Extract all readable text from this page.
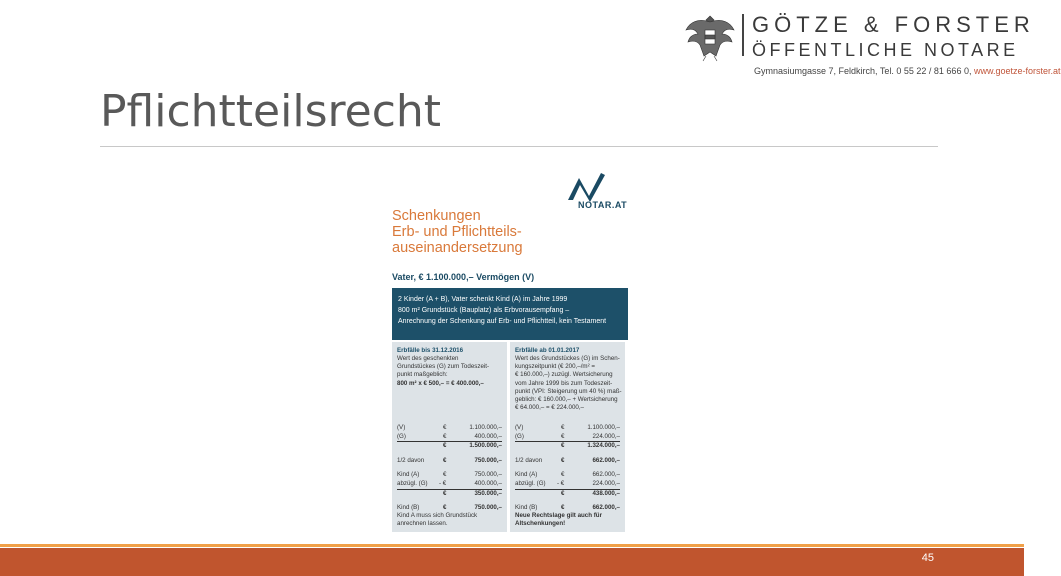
GÖTZE & FORSTER
ÖFFENTLICHE NOTARE
Gymnasiumgasse 7, Feldkirch, Tel. 0 55 22 / 81 666 0, www.goetze-forster.at
Pflichtteilsrecht
NOTAR.AT
Schenkungen
Erb- und Pflichtteils-
auseinandersetzung
Vater, € 1.100.000,– Vermögen (V)
2 Kinder (A + B), Vater schenkt Kind (A) im Jahre 1999
800 m² Grundstück (Bauplatz) als Erbvorausempfang –
Anrechnung der Schenkung auf Erb- und Pflichtteil, kein Testament
Erbfälle bis 31.12.2016
Wert des geschenkten
Grundstückes (G) zum Todeszeit-
punkt maßgeblich:
800 m² x € 500,– = € 400.000,–
(V)	€	1.100.000,–
(G)	€	400.000,–
€	1.500.000,–
1/2 davon	€	750.000,–
Kind (A)	€	750.000,–
abzügl. (G) - €	400.000,–
€	350.000,–
Kind (B)	€	750.000,–
Kind A muss sich Grundstück
anrechnen lassen.
Erbfälle ab 01.01.2017
Wert des Grundstückes (G) im Schen-
kungszeitpunkt (€ 200,–/m² =
€ 160.000,–) zuzügl. Wertsicherung
vom Jahre 1999 bis zum Todeszeit-
punkt (VPI: Steigerung um 40 %) maß-
geblich: € 160.000,– + Wertsicherung
€ 64.000,– = € 224.000,–
(V)	€	1.100.000,–
(G)	€	224.000,–
€	1.324.000,–
1/2 davon	€	662.000,–
Kind (A)	€	662.000,–
abzügl. (G) - €	224.000,–
€	438.000,–
Kind (B)	€	662.000,–
Neue Rechtslage gilt auch für
Altschenkungen!
45
